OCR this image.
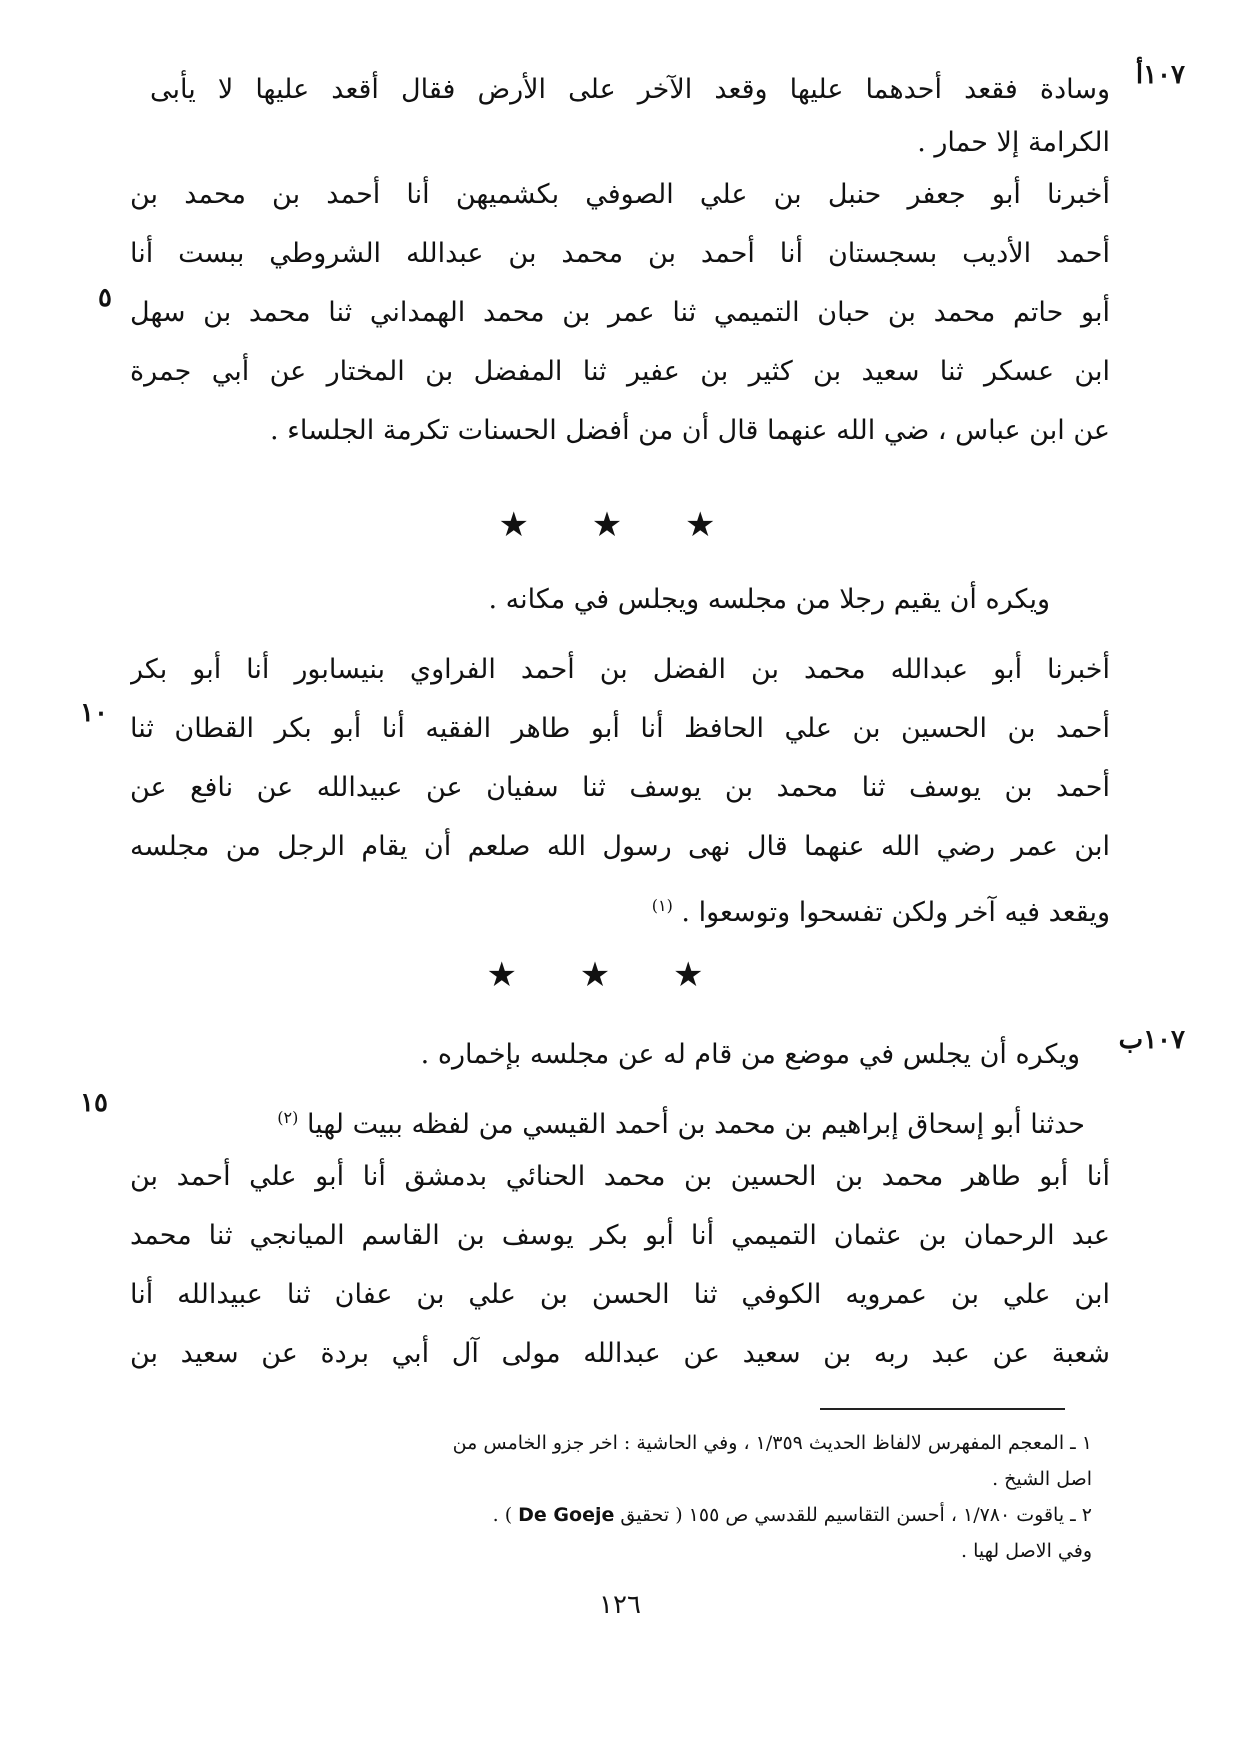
١٠٧أ
وسادة فقعد أحدهما عليها وقعد الآخر على الأرض فقال أقعد عليها لا يأبى
الكرامة إلا حمار .
أخبرنا أبو جعفر حنبل بن علي الصوفي بكشميهن أنا أحمد بن محمد بن
أحمد الأديب بسجستان أنا أحمد بن محمد بن عبدالله الشروطي ببست أنا
أبو حاتم محمد بن حبان التميمي ثنا عمر بن محمد الهمداني ثنا محمد بن سهل
ابن عسكر ثنا سعيد بن كثير بن عفير ثنا المفضل بن المختار عن أبي جمرة
عن ابن عباس ، ضي الله عنهما قال أن من أفضل الحسنات تكرمة الجلساء .
٥
★ ★ ★
ويكره أن يقيم رجلا من مجلسه ويجلس في مكانه .
أخبرنا أبو عبدالله محمد بن الفضل بن أحمد الفراوي بنيسابور أنا أبو بكر
أحمد بن الحسين بن علي الحافظ أنا أبو طاهر الفقيه أنا أبو بكر القطان ثنا
أحمد بن يوسف ثنا محمد بن يوسف ثنا سفيان عن عبيدالله عن نافع عن
ابن عمر رضي الله عنهما قال نهى رسول الله صلعم أن يقام الرجل من مجلسه
ويقعد فيه آخر ولكن تفسحوا وتوسعوا . $^{(١)}$
١٠
★ ★ ★
١٠٧ب
ويكره أن يجلس في موضع من قام له عن مجلسه بإخماره .
حدثنا أبو إسحاق إبراهيم بن محمد بن أحمد القيسي من لفظه ببيت لهيا $^{(٢)}$
أنا أبو طاهر محمد بن الحسين بن محمد الحنائي بدمشق أنا أبو علي أحمد بن
عبد الرحمان بن عثمان التميمي أنا أبو بكر يوسف بن القاسم الميانجي ثنا محمد
ابن علي بن عمرويه الكوفي ثنا الحسن بن علي بن عفان ثنا عبيدالله أنا
شعبة عن عبد ربه بن سعيد عن عبدالله مولى آل أبي بردة عن سعيد بن
١٥
١ ـ المعجم المفهرس لالفاظ الحديث ١/٣٥٩ ، وفي الحاشية : اخر جزو الخامس من
اصل الشيخ .
٢ ـ ياقوت ١/٧٨٠ ، أحسن التقاسيم للقدسي ص ١٥٥ ( تحقيق De Goeje ) .
وفي الاصل لهيا .
١٢٦
